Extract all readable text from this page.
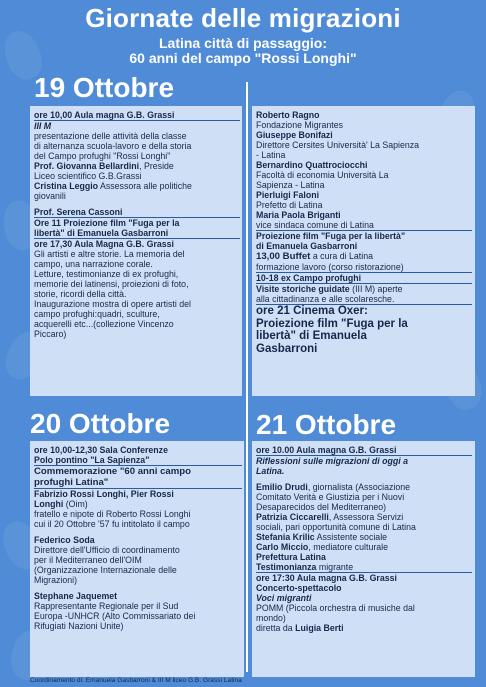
Giornate delle migrazioni
Latina città di passaggio:
60 anni del campo "Rossi Longhi"
19 Ottobre
20 Ottobre	21 Ottobre
ore 10,00 Aula magna G.B. Grassi
III M
presentazione delle attività della classe
di alternanza scuola-lavoro e della storia
del Campo profughi "Rossi Longhi"
Prof. Giovanna Bellardini, Preside
Liceo scientifico G.B.Grassi
Cristina Leggio Assessora alle politiche
giovanili
Prof. Serena Cassoni
Ore 11 Proiezione film "Fuga per la
libertà" di Emanuela Gasbarroni
ore 17,30 Aula Magna G.B. Grassi
Gli artisti e altre storie. La memoria del
campo, una narrazione corale.
Letture, testimonianze di ex profughi,
memorie dei latinensi, proiezioni di foto,
storie, ricordi della città.
Inaugurazione mostra di opere artisti del
campo profughi:quadri, sculture,
acquerelli etc...(collezione Vincenzo
Piccaro)
Roberto Ragno
Fondazione Migrantes
Giuseppe Bonifazi
Direttore Cersites Università' La Sapienza
- Latina
Bernardino Quattrociocchi
Facoltà di economia Università La
Sapienza - Latina
Pierluigi Faloni
Prefetto di Latina
Maria Paola Briganti
vice sindaca comune di Latina
Proiezione film "Fuga per la libertà"
di Emanuela Gasbarroni
13,00 Buffet a cura di Latina
formazione lavoro (corso ristorazione)
10-18 ex Campo profughi
Visite storiche guidate (III M) aperte
alla cittadinanza e alle scolaresche.
ore 21 Cinema Oxer:
Proiezione film "Fuga per la
libertà" di Emanuela
Gasbarroni
ore 10,00-12,30 Sala Conferenze
Polo pontino "La Sapienza"
Commemorazione "60 anni campo
profughi Latina"
Fabrizio Rossi Longhi, Pier Rossi
Longhi (Oim)
fratello e nipote di Roberto Rossi Longhi
cui il 20 Ottobre '57 fu intitolato il campo
Federico Soda
Direttore dell'Ufficio di coordinamento
per il Mediterraneo dell'OIM
(Organizzazione Internazionale delle
Migrazioni)
Stephane Jaquemet
Rappresentante Regionale per il Sud
Europa -UNHCR (Alto Commissariato dei
Rifugiati Nazioni Unite)
ore 10.00 Aula magna G.B. Grassi
Riflessioni sulle migrazioni di oggi a
Latina.
Emilio Drudi, giornalista (Associazione
Comitato Verità e Giustizia per i Nuovi
Desaparecidos del Mediterraneo)
Patrizia Ciccarelli, Assessora Servizi
sociali, pari opportunità comune di Latina
Stefania Krilic Assistente sociale
Carlo Miccio, mediatore culturale
Prefettura Latina
Testimonianza migrante
ore 17:30 Aula magna G.B. Grassi
Concerto-spettacolo
Voci migranti
POMM (Piccola orchestra di musiche dal
mondo)
diretta da Luigia Berti
Coordinamento di: Emanuela Gasbarroni & III M liceo G.B. Grassi Latina
